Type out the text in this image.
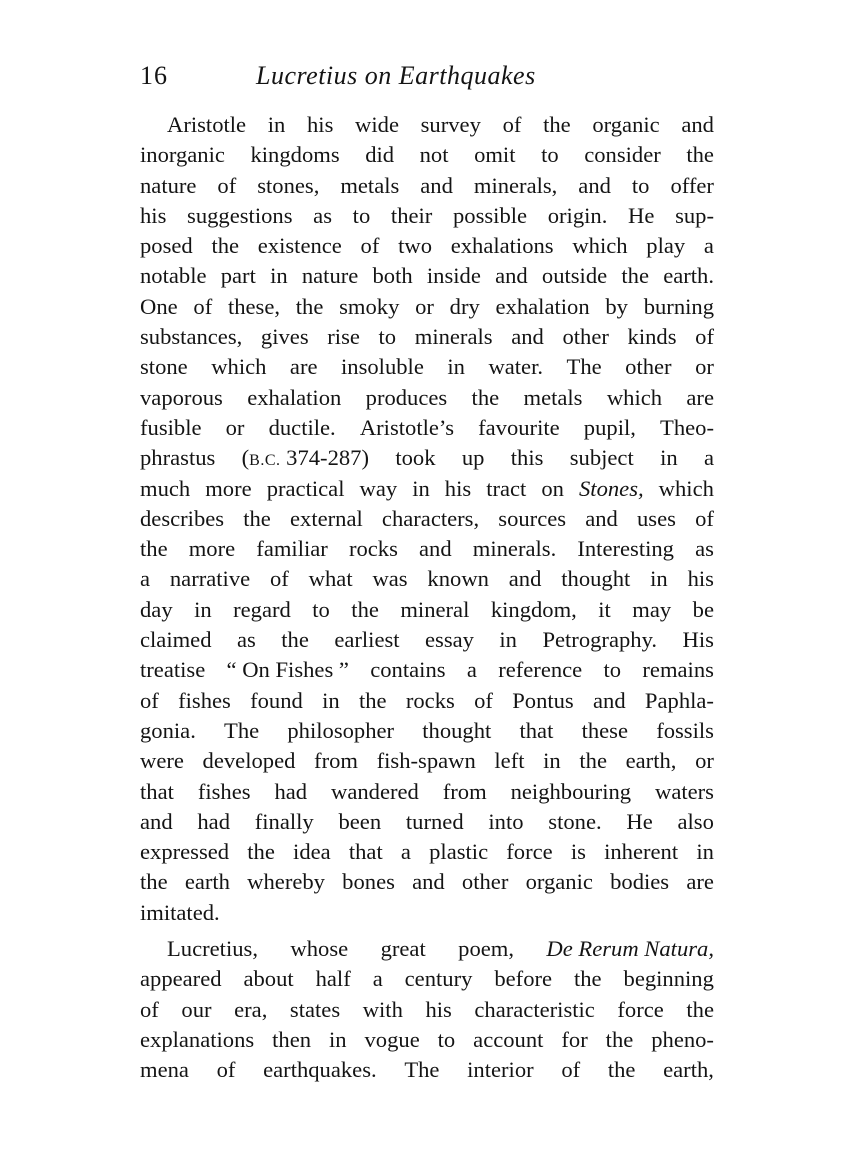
16	Lucretius on Earthquakes
Aristotle in his wide survey of the organic and
inorganic kingdoms did not omit to consider the
nature of stones, metals and minerals, and to offer
his suggestions as to their possible origin. He sup-
posed the existence of two exhalations which play a
notable part in nature both inside and outside the earth.
One of these, the smoky or dry exhalation by burning
substances, gives rise to minerals and other kinds of
stone which are insoluble in water. The other or
vaporous exhalation produces the metals which are
fusible or ductile. Aristotle’s favourite pupil, Theo-
phrastus (B.C. 374-287) took up this subject in a
much more practical way in his tract on Stones, which
describes the external characters, sources and uses of
the more familiar rocks and minerals. Interesting as
a narrative of what was known and thought in his
day in regard to the mineral kingdom, it may be
claimed as the earliest essay in Petrography. His
treatise “ On Fishes ” contains a reference to remains
of fishes found in the rocks of Pontus and Paphla-
gonia. The philosopher thought that these fossils
were developed from fish-spawn left in the earth, or
that fishes had wandered from neighbouring waters
and had finally been turned into stone. He also
expressed the idea that a plastic force is inherent in
the earth whereby bones and other organic bodies are
imitated.
Lucretius, whose great poem, De Rerum Natura,
appeared about half a century before the beginning
of our era, states with his characteristic force the
explanations then in vogue to account for the pheno-
mena of earthquakes. The interior of the earth,
